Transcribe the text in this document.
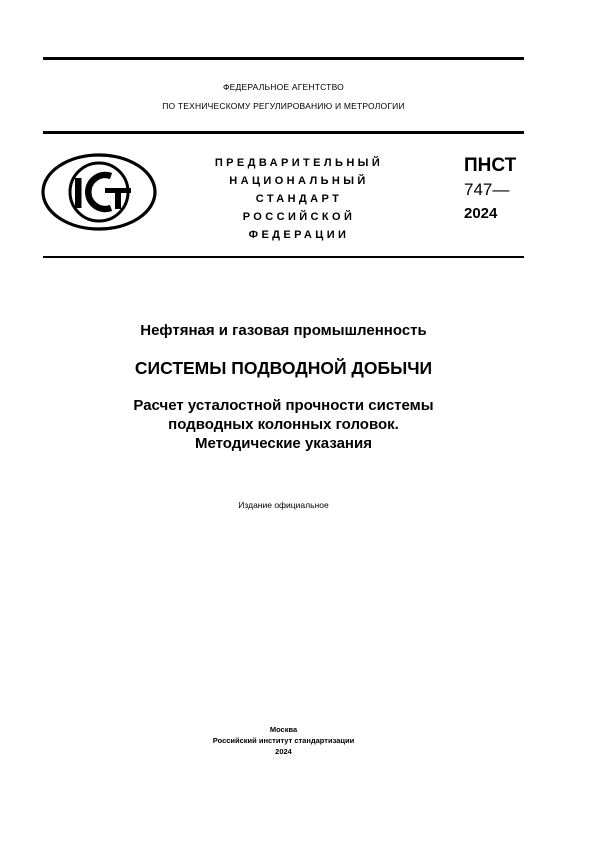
ФЕДЕРАЛЬНОЕ АГЕНТСТВО
ПО ТЕХНИЧЕСКОМУ РЕГУЛИРОВАНИЮ И МЕТРОЛОГИИ
ПРЕДВАРИТЕЛЬНЫЙ
НАЦИОНАЛЬНЫЙ
СТАНДАРТ
РОССИЙСКОЙ
ФЕДЕРАЦИИ
ПНСТ
747—
2024
Нефтяная и газовая промышленность
СИСТЕМЫ ПОДВОДНОЙ ДОБЫЧИ
Расчет усталостной прочности системы
подводных колонных головок.
Методические указания
Издание официальное
Москва
Российский институт стандартизации
2024
